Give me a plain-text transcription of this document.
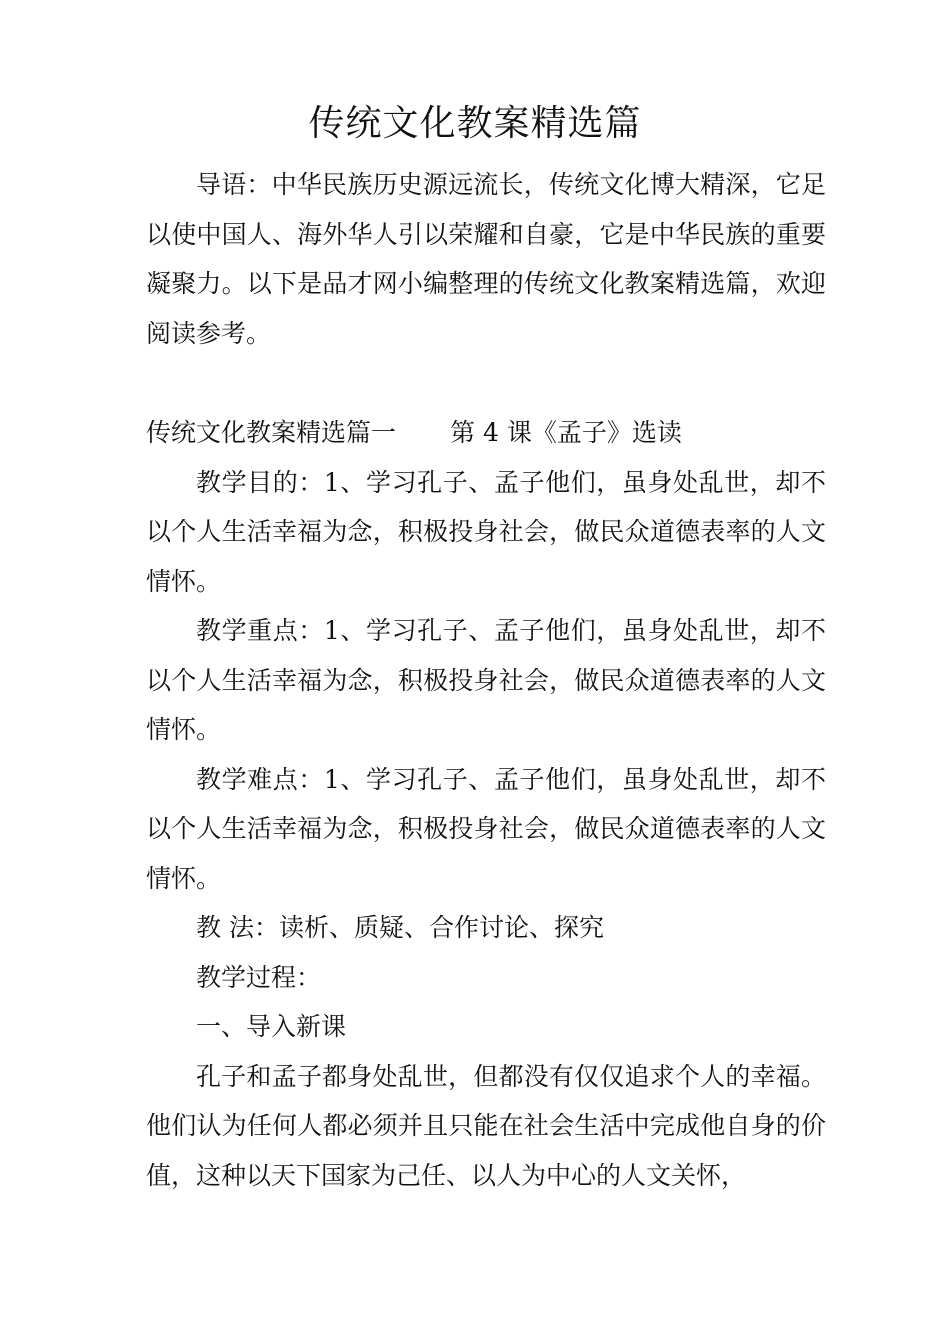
传统文化教案精选篇

导语：中华民族历史源远流长，传统文化博大精深，它足以使中国人、海外华人引以荣耀和自豪，它是中华民族的重要凝聚力。以下是品才网小编整理的传统文化教案精选篇，欢迎阅读参考。

传统文化教案精选篇一 第 4 课《孟子》选读

教学目的：1、学习孔子、孟子他们，虽身处乱世，却不以个人生活幸福为念，积极投身社会，做民众道德表率的人文情怀。

教学重点：1、学习孔子、孟子他们，虽身处乱世，却不以个人生活幸福为念，积极投身社会，做民众道德表率的人文情怀。

教学难点：1、学习孔子、孟子他们，虽身处乱世，却不以个人生活幸福为念，积极投身社会，做民众道德表率的人文情怀。

教 法：读析、质疑、合作讨论、探究

教学过程：

一、导入新课

孔子和孟子都身处乱世，但都没有仅仅追求个人的幸福。他们认为任何人都必须并且只能在社会生活中完成他自身的价值，这种以天下国家为己任、以人为中心的人文关怀，
